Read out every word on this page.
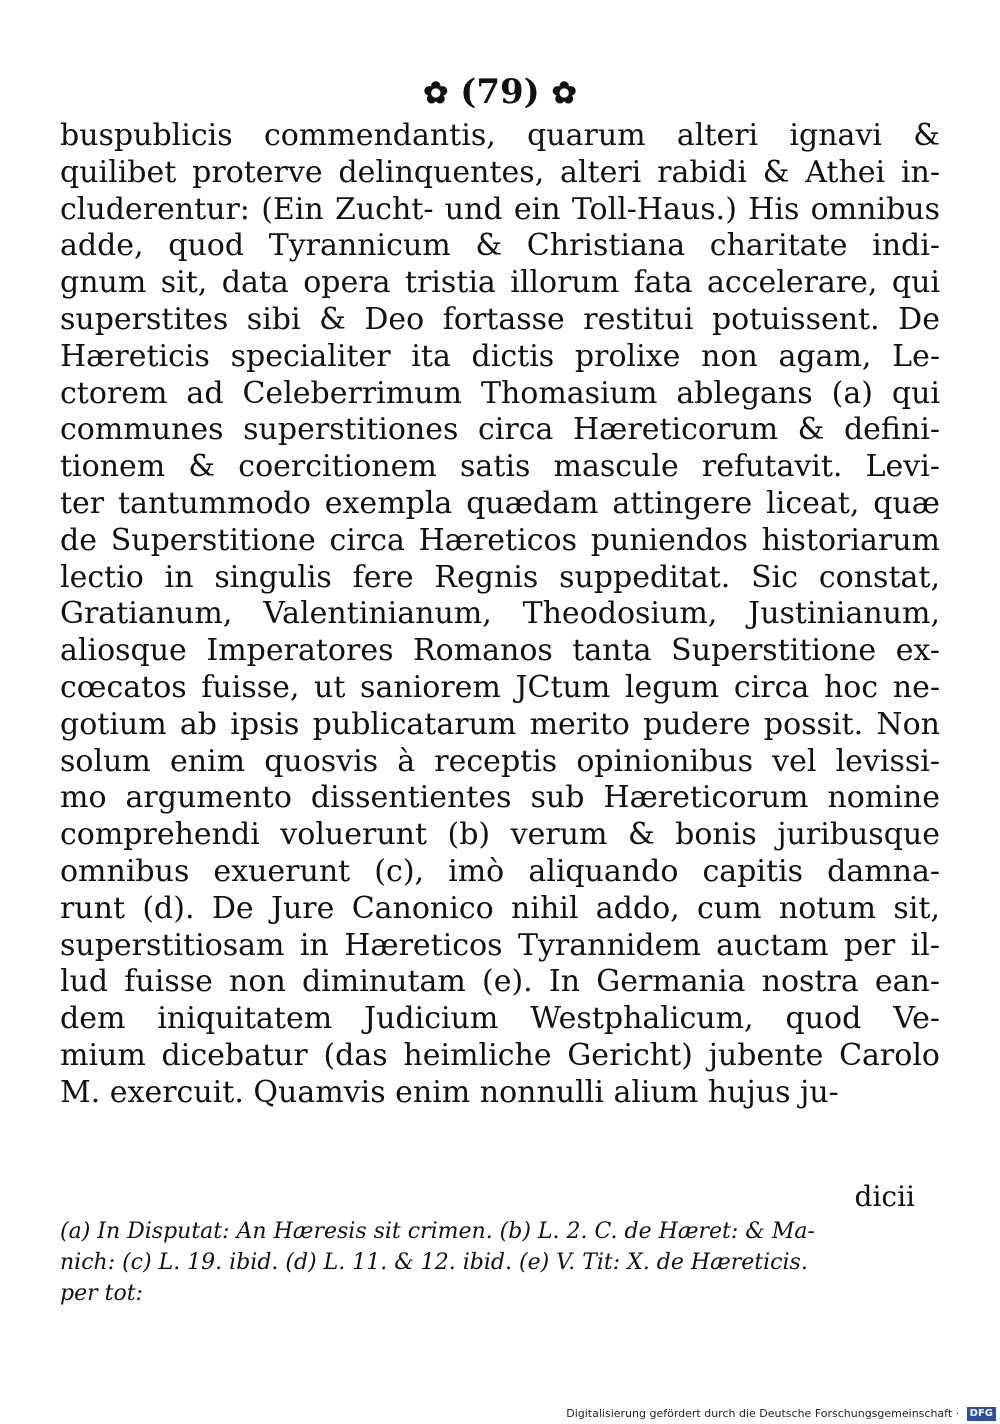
✿ (79) ✿
buspublicis commendantis, quarum alteri ignavi &
quilibet proterve delinquentes, alteri rabidi & Athei in-
cluderentur: (Ein Zucht- und ein Toll-Haus.) His omnibus
adde, quod Tyrannicum & Christiana charitate indi-
gnum sit, data opera tristia illorum fata accelerare, qui
superstites sibi & Deo fortasse restitui potuissent. De
Hæreticis specialiter ita dictis prolixe non agam, Le-
ctorem ad Celeberrimum Thomasium ablegans (a) qui
communes superstitiones circa Hæreticorum & defini-
tionem & coercitionem satis mascule refutavit. Levi-
ter tantummodo exempla quædam attingere liceat, quæ
de Superstitione circa Hæreticos puniendos historiarum
lectio in singulis fere Regnis suppeditat. Sic constat,
Gratianum, Valentinianum, Theodosium, Justinianum,
aliosque Imperatores Romanos tanta Superstitione ex-
cœcatos fuisse, ut saniorem JCtum legum circa hoc ne-
gotium ab ipsis publicatarum merito pudere possit. Non
solum enim quosvis à receptis opinionibus vel levissi-
mo argumento dissentientes sub Hæreticorum nomine
comprehendi voluerunt (b) verum & bonis juribusque
omnibus exuerunt (c), imò aliquando capitis damna-
runt (d). De Jure Canonico nihil addo, cum notum sit,
superstitiosam in Hæreticos Tyrannidem auctam per il-
lud fuisse non diminutam (e). In Germania nostra ean-
dem iniquitatem Judicium Westphalicum, quod Ve-
mium dicebatur (das heimliche Gericht) jubente Carolo
M. exercuit. Quamvis enim nonnulli alium hujus ju-
dicii
(a) In Disputat: An Hæresis sit crimen. (b) L. 2. C. de Hæret: & Ma-
nich: (c) L. 19. ibid. (d) L. 11. & 12. ibid. (e) V. Tit: X. de Hæreticis.
per tot:
Digitalisierung gefördert durch die Deutsche Forschungsgemeinschaft · DFG
